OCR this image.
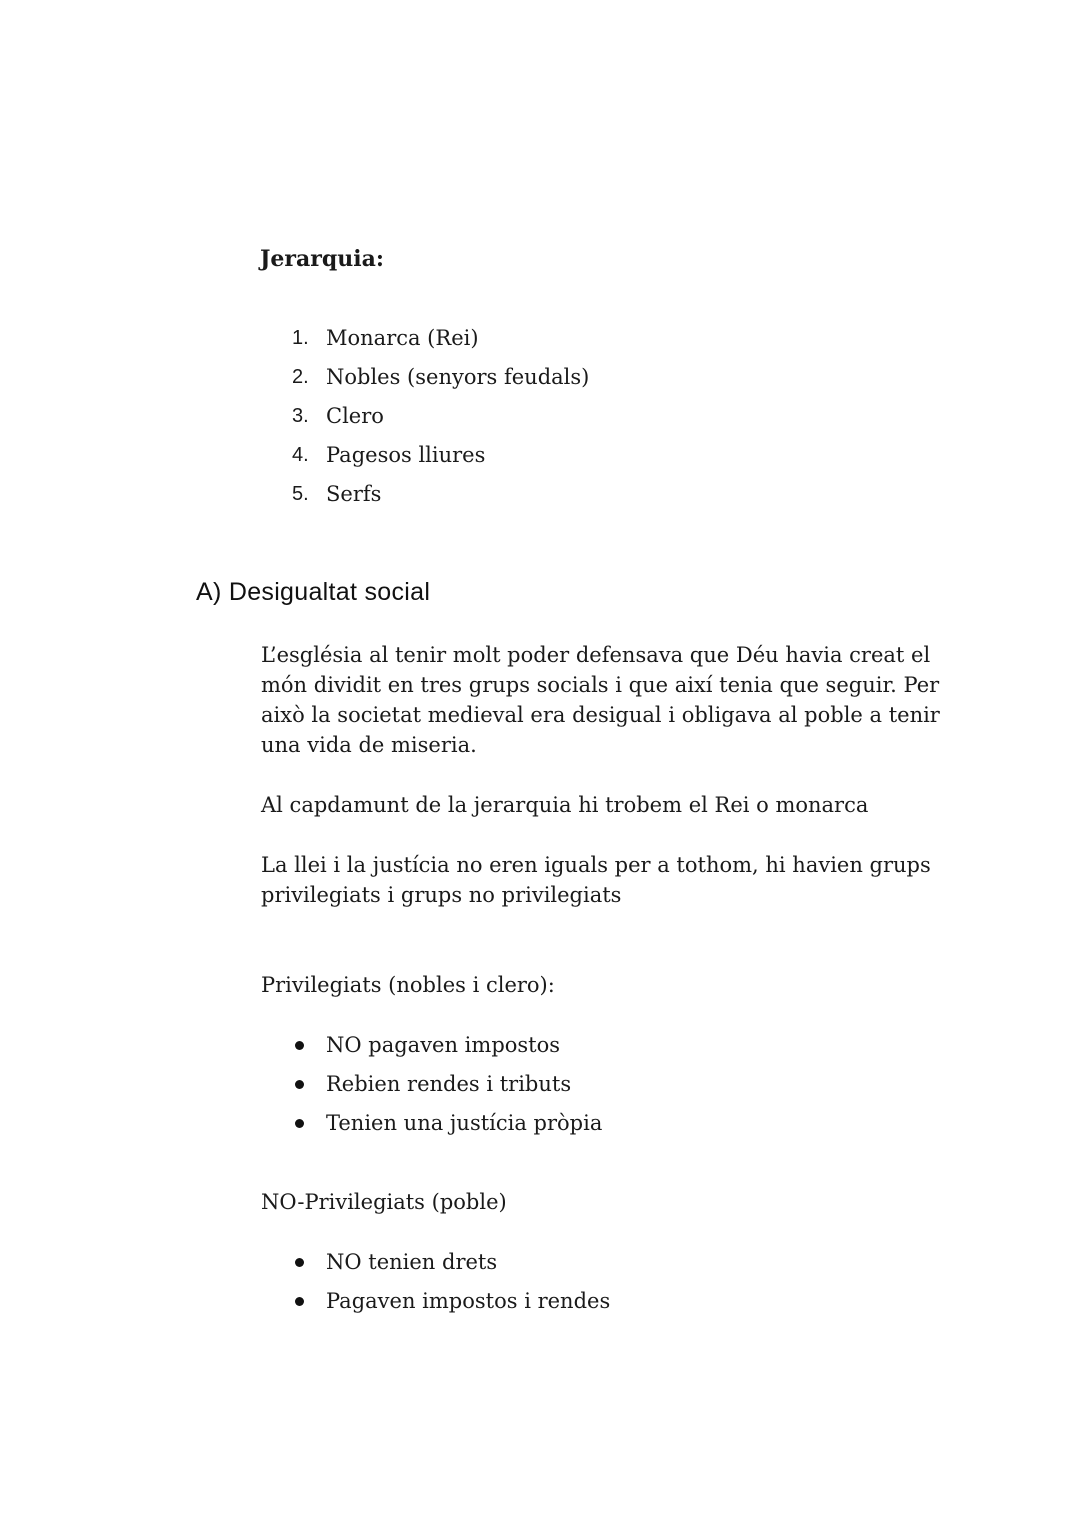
Jerarquia:
1. Monarca (Rei)
2. Nobles (senyors feudals)
3. Clero
4. Pagesos lliures
5. Serfs
A) Desigualtat social
L’església al tenir molt poder defensava que Déu havia creat el món dividit en tres grups socials i que així tenia que seguir. Per això la societat medieval era desigual i obligava al poble a tenir una vida de miseria.
Al capdamunt de la jerarquia hi trobem el Rei o monarca
La llei i la justícia no eren iguals per a tothom, hi havien grups privilegiats i grups no privilegiats
Privilegiats (nobles i clero):
NO pagaven impostos
Rebien rendes i tributs
Tenien una justícia pròpia
NO-Privilegiats (poble)
NO tenien drets
Pagaven impostos i rendes
